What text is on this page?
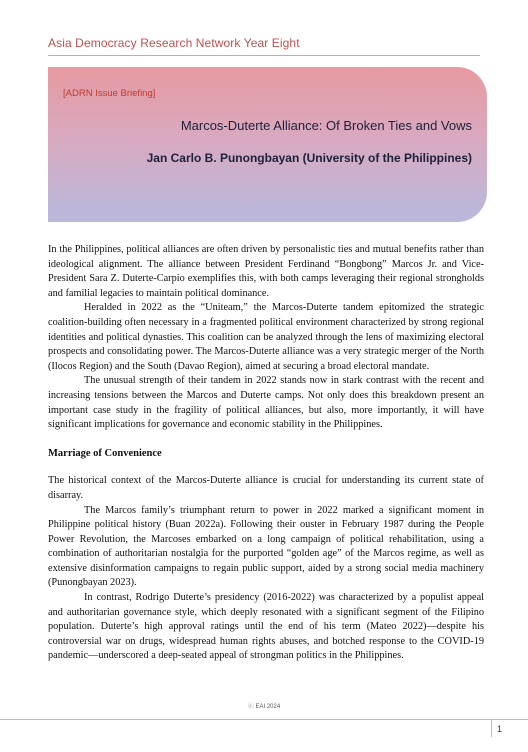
Asia Democracy Research Network Year Eight
[ADRN Issue Briefing]
Marcos-Duterte Alliance: Of Broken Ties and Vows
Jan Carlo B. Punongbayan (University of the Philippines)

In the Philippines, political alliances are often driven by personalistic ties and mutual benefits rather than ideological alignment. The alliance between President Ferdinand “Bongbong” Marcos Jr. and Vice-President Sara Z. Duterte-Carpio exemplifies this, with both camps leveraging their regional strongholds and familial legacies to maintain political dominance.

Heralded in 2022 as the “Uniteam,” the Marcos-Duterte tandem epitomized the strategic coalition-building often necessary in a fragmented political environment characterized by strong regional identities and political dynasties. This coalition can be analyzed through the lens of maximizing electoral prospects and consolidating power. The Marcos-Duterte alliance was a very strategic merger of the North (Ilocos Region) and the South (Davao Region), aimed at securing a broad electoral mandate.

The unusual strength of their tandem in 2022 stands now in stark contrast with the recent and increasing tensions between the Marcos and Duterte camps. Not only does this breakdown present an important case study in the fragility of political alliances, but also, more importantly, it will have significant implications for governance and economic stability in the Philippines.

Marriage of Convenience

The historical context of the Marcos-Duterte alliance is crucial for understanding its current state of disarray.

The Marcos family’s triumphant return to power in 2022 marked a significant moment in Philippine political history (Buan 2022a). Following their ouster in February 1987 during the People Power Revolution, the Marcoses embarked on a long campaign of political rehabilitation, using a combination of authoritarian nostalgia for the purported “golden age” of the Marcos regime, as well as extensive disinformation campaigns to regain public support, aided by a strong social media machinery (Punongbayan 2023).

In contrast, Rodrigo Duterte’s presidency (2016-2022) was characterized by a populist appeal and authoritarian governance style, which deeply resonated with a significant segment of the Filipino population. Duterte’s high approval ratings until the end of his term (Mateo 2022)—despite his controversial war on drugs, widespread human rights abuses, and botched response to the COVID-19 pandemic—underscored a deep-seated appeal of strongman politics in the Philippines.

ⓒ EAI 2024
1
